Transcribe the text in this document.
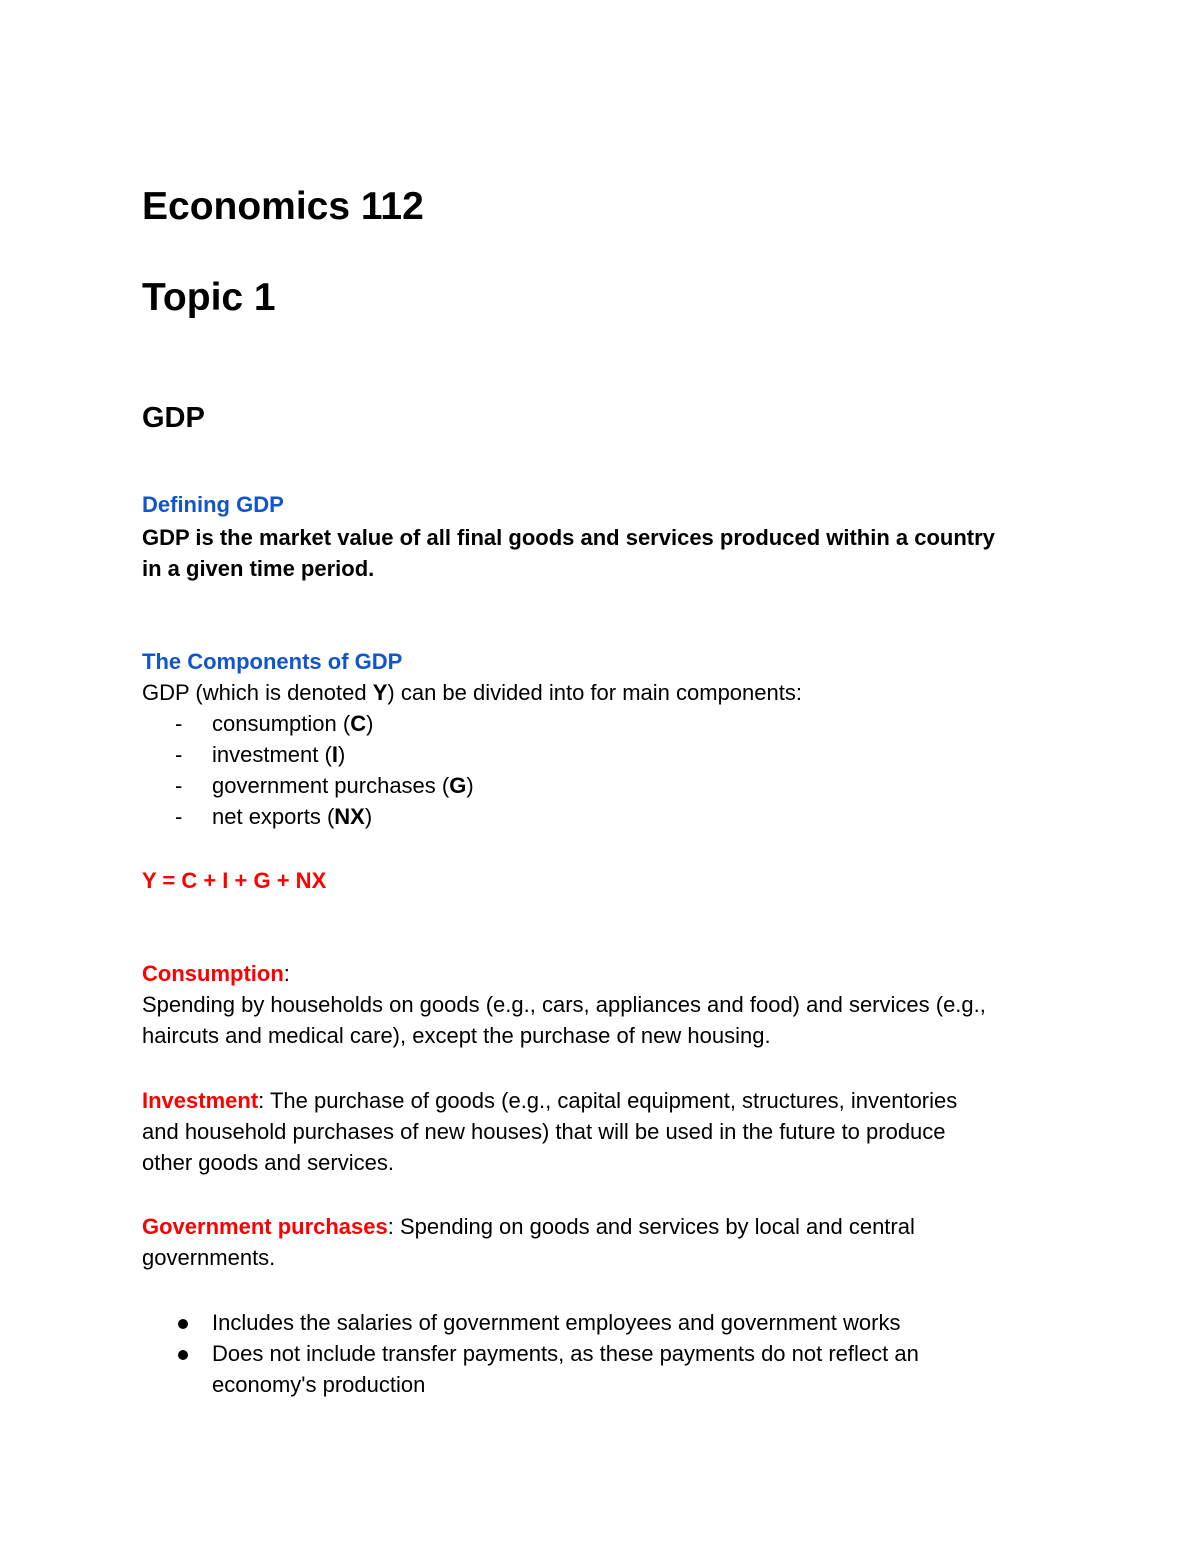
Economics 112
Topic 1
GDP
Defining GDP
GDP is the market value of all final goods and services produced within a country
in a given time period.
The Components of GDP
GDP (which is denoted Y) can be divided into for main components:
- consumption (C)
- investment (I)
- government purchases (G)
- net exports (NX)
Y = C + I + G + NX
Consumption:
Spending by households on goods (e.g., cars, appliances and food) and services (e.g.,
haircuts and medical care), except the purchase of new housing.
Investment: The purchase of goods (e.g., capital equipment, structures, inventories
and household purchases of new houses) that will be used in the future to produce
other goods and services.
Government purchases: Spending on goods and services by local and central
governments.
Includes the salaries of government employees and government works
Does not include transfer payments, as these payments do not reflect an
economy's production
